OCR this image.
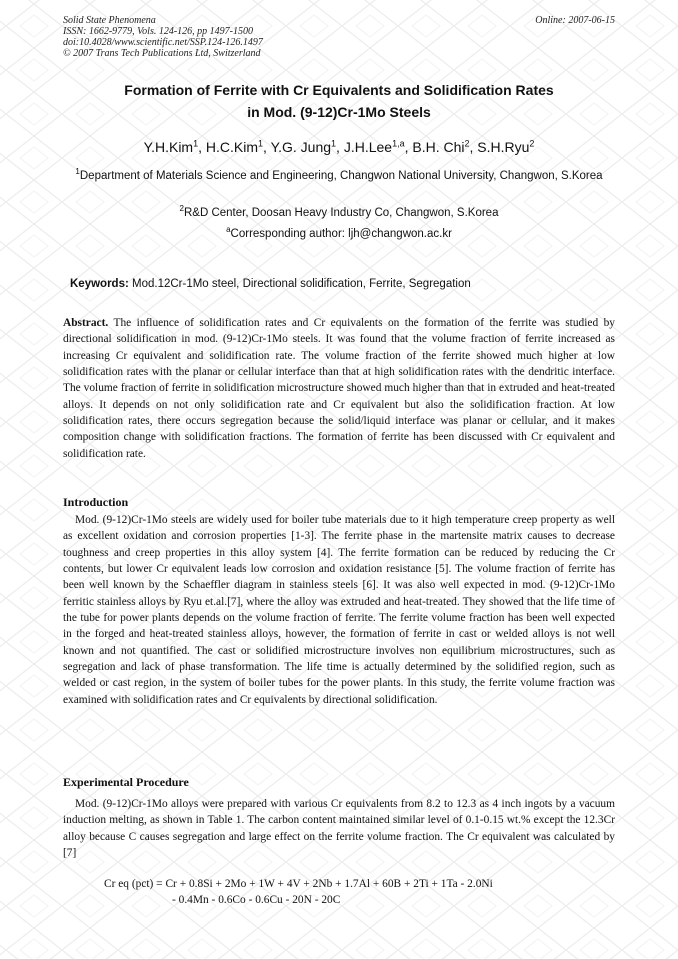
Solid State Phenomena
ISSN: 1662-9779, Vols. 124-126, pp 1497-1500
doi:10.4028/www.scientific.net/SSP.124-126.1497
© 2007 Trans Tech Publications Ltd, Switzerland
Online: 2007-06-15
Formation of Ferrite with Cr Equivalents and Solidification Rates
in Mod. (9-12)Cr-1Mo Steels
Y.H.Kim$^1$, H.C.Kim$^1$, Y.G. Jung$^1$, J.H.Lee$^{1,a}$, B.H. Chi$^2$, S.H.Ryu$^2$
$^1$Department of Materials Science and Engineering, Changwon National University, Changwon, S.Korea
$^2$R&D Center, Doosan Heavy Industry Co, Changwon, S.Korea
$^a$Corresponding author: ljh@changwon.ac.kr
Keywords: Mod.12Cr-1Mo steel, Directional solidification, Ferrite, Segregation

Abstract. The influence of solidification rates and Cr equivalents on the formation of the ferrite was studied by directional solidification in mod. (9-12)Cr-1Mo steels. It was found that the volume fraction of ferrite increased as increasing Cr equivalent and solidification rate. The volume fraction of the ferrite showed much higher at low solidification rates with the planar or cellular interface than that at high solidification rates with the dendritic interface. The volume fraction of ferrite in solidification microstructure showed much higher than that in extruded and heat-treated alloys. It depends on not only solidification rate and Cr equivalent but also the solidification fraction. At low solidification rates, there occurs segregation because the solid/liquid interface was planar or cellular, and it makes composition change with solidification fractions. The formation of ferrite has been discussed with Cr equivalent and solidification rate.

Introduction

Mod. (9-12)Cr-1Mo steels are widely used for boiler tube materials due to it high temperature creep property as well as excellent oxidation and corrosion properties [1-3]. The ferrite phase in the martensite matrix causes to decrease toughness and creep properties in this alloy system [4]. The ferrite formation can be reduced by reducing the Cr contents, but lower Cr equivalent leads low corrosion and oxidation resistance [5]. The volume fraction of ferrite has been well known by the Schaeffler diagram in stainless steels [6]. It was also well expected in mod. (9-12)Cr-1Mo ferritic stainless alloys by Ryu et.al.[7], where the alloy was extruded and heat-treated. They showed that the life time of the tube for power plants depends on the volume fraction of ferrite. The ferrite volume fraction has been well expected in the forged and heat-treated stainless alloys, however, the formation of ferrite in cast or welded alloys is not well known and not quantified. The cast or solidified microstructure involves non equilibrium microstructures, such as segregation and lack of phase transformation. The life time is actually determined by the solidified region, such as welded or cast region, in the system of boiler tubes for the power plants. In this study, the ferrite volume fraction was examined with solidification rates and Cr equivalents by directional solidification.

Experimental Procedure

Mod. (9-12)Cr-1Mo alloys were prepared with various Cr equivalents from 8.2 to 12.3 as 4 inch ingots by a vacuum induction melting, as shown in Table 1. The carbon content maintained similar level of 0.1-0.15 wt.% except the 12.3Cr alloy because C causes segregation and large effect on the ferrite volume fraction. The Cr equivalent was calculated by [7]

Cr eq (pct) = Cr + 0.8Si + 2Mo + 1W + 4V + 2Nb + 1.7Al + 60B + 2Ti + 1Ta - 2.0Ni
- 0.4Mn - 0.6Co - 0.6Cu - 20N - 20C
